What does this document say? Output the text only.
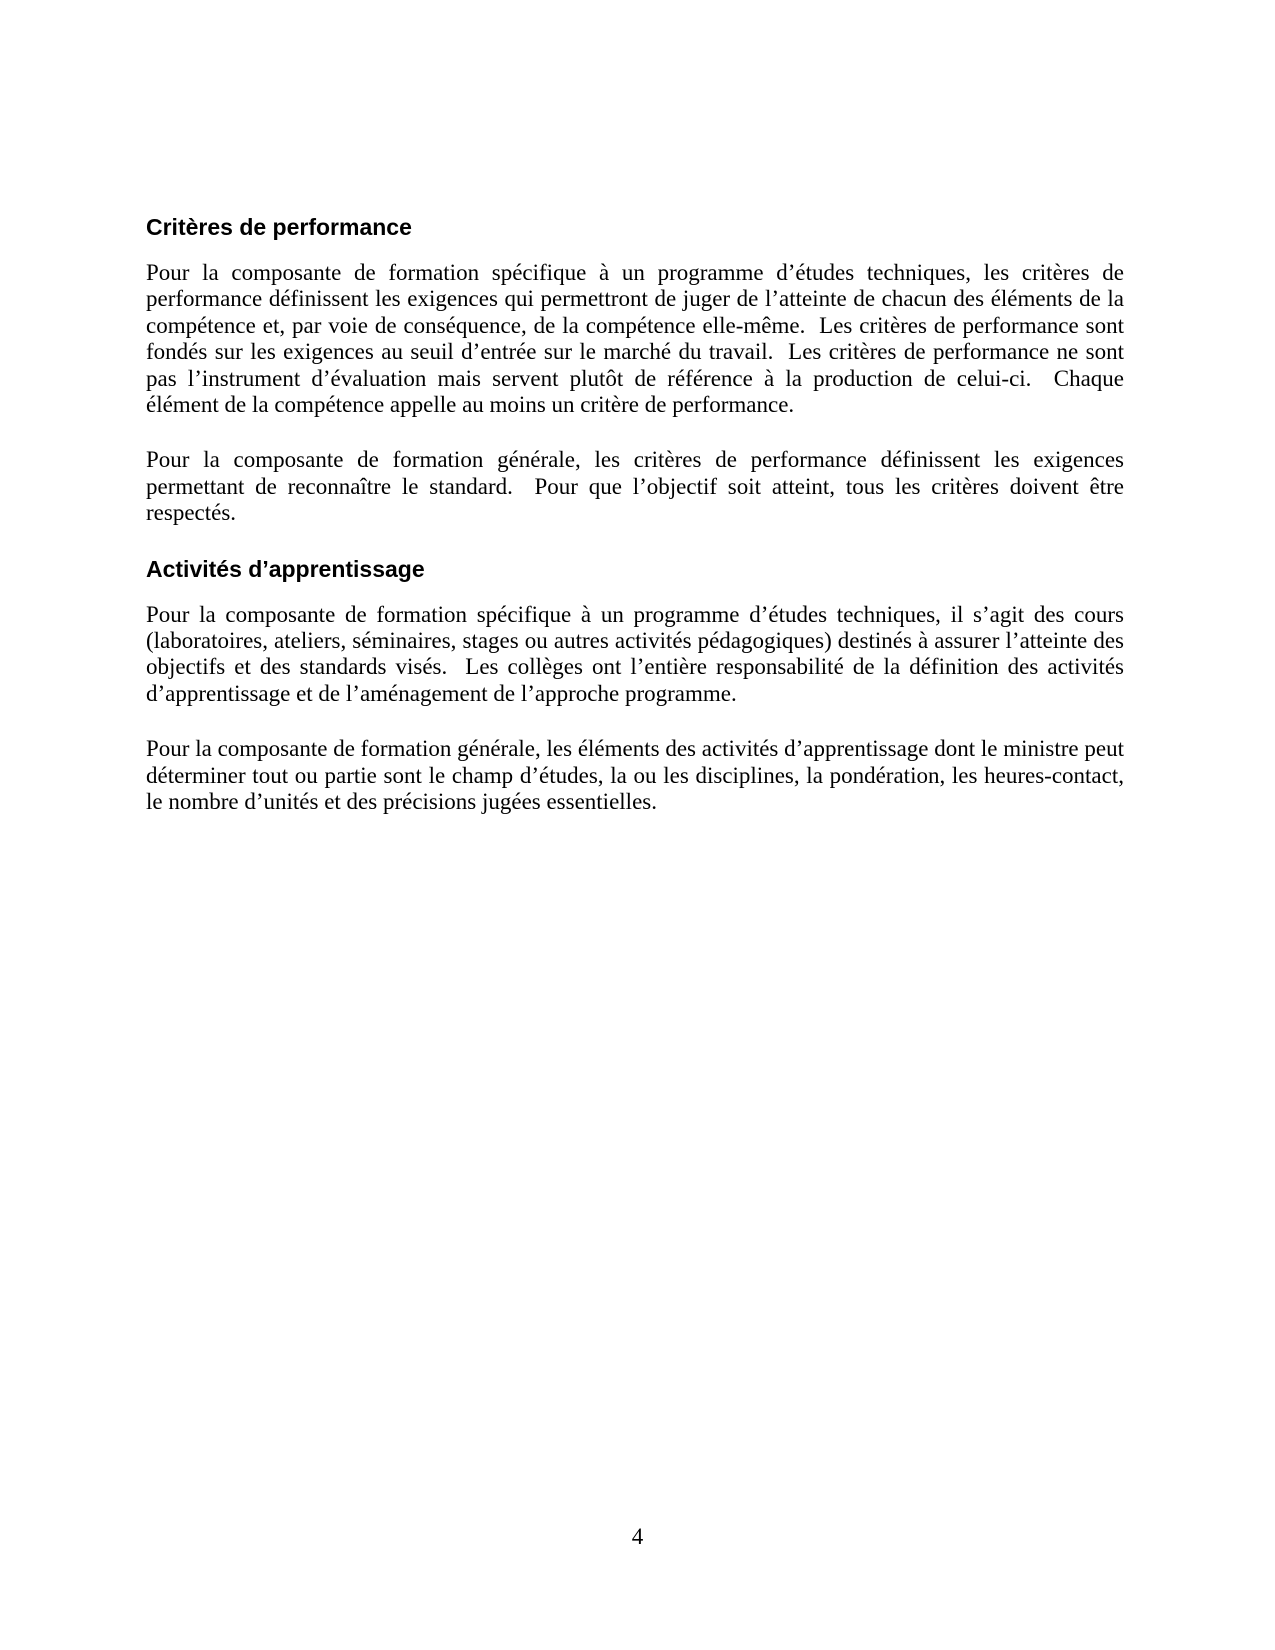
Critères de performance

Pour la composante de formation spécifique à un programme d’études techniques, les critères de performance définissent les exigences qui permettront de juger de l’atteinte de chacun des éléments de la compétence et, par voie de conséquence, de la compétence elle-même.  Les critères de performance sont fondés sur les exigences au seuil d’entrée sur le marché du travail.  Les critères de performance ne sont pas l’instrument d’évaluation mais servent plutôt de référence à la production de celui-ci.  Chaque élément de la compétence appelle au moins un critère de performance.

Pour la composante de formation générale, les critères de performance définissent les exigences permettant de reconnaître le standard.  Pour que l’objectif soit atteint, tous les critères doivent être respectés.

Activités d’apprentissage

Pour la composante de formation spécifique à un programme d’études techniques, il s’agit des cours (laboratoires, ateliers, séminaires, stages ou autres activités pédagogiques) destinés à assurer l’atteinte des objectifs et des standards visés.  Les collèges ont l’entière responsabilité de la définition des activités d’apprentissage et de l’aménagement de l’approche programme.

Pour la composante de formation générale, les éléments des activités d’apprentissage dont le ministre peut déterminer tout ou partie sont le champ d’études, la ou les disciplines, la pondération, les heures-contact, le nombre d’unités et des précisions jugées essentielles.

4
